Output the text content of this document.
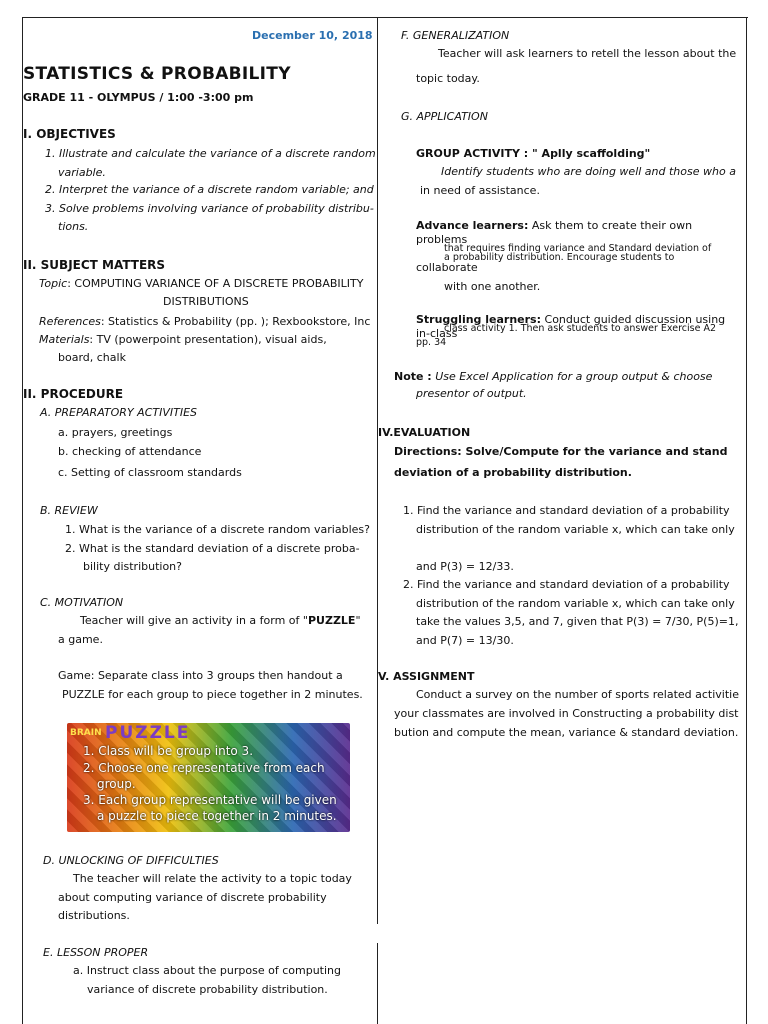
December 10, 2018
STATISTICS & PROBABILITY
GRADE 11 - OLYMPUS / 1:00 -3:00 pm
I. OBJECTIVES
1. Illustrate and calculate the variance of a discrete random
variable.
2. Interpret the variance of a discrete random variable; and
3. Solve problems involving variance of probability distribu-
tions.
II. SUBJECT MATTERS
Topic: COMPUTING VARIANCE OF A DISCRETE PROBABILITY
DISTRIBUTIONS
References: Statistics & Probability (pp. ); Rexbookstore, Inc
Materials: TV (powerpoint presentation), visual aids,
board, chalk
II. PROCEDURE
A. PREPARATORY ACTIVITIES
a. prayers, greetings
b. checking of attendance
c. Setting of classroom standards
B. REVIEW
1. What is the variance of a discrete random variables?
2. What is the standard deviation of a discrete proba-
bility distribution?
C. MOTIVATION
Teacher will give an activity in a form of "PUZZLE"
a game.
Game: Separate class into 3 groups then handout a
PUZZLE for each group to piece together in 2 minutes.
BRAIN PUZZLE
1. Class will be group into 3.
2. Choose one representative from each
group.
3. Each group representative will be given
a puzzle to piece together in 2 minutes.
D. UNLOCKING OF DIFFICULTIES
The teacher will relate the activity to a topic today
about computing variance of discrete probability
distributions.
E. LESSON PROPER
a. Instruct class about the purpose of computing
variance of discrete probability distribution.
F. GENERALIZATION
Teacher will ask learners to retell the lesson about the
topic today.
G. APPLICATION
GROUP ACTIVITY : " Aplly scaffolding"
Identify students who are doing well and those who a
in need of assistance.
Advance learners: Ask them to create their own
problems
that requires finding variance and Standard deviation of
a probability distribution. Encourage students to
collaborate
with one another.
Struggling learners: Conduct guided discussion using
in-class
class activity 1. Then ask students to answer Exercise A2
pp. 34
Note : Use Excel Application for a group output & choose
presentor of output.
IV.EVALUATION
Directions: Solve/Compute for the variance and stand
deviation of a probability distribution.
1. Find the variance and standard deviation of a probability
distribution of the random variable x, which can take only
and P(3) = 12/33.
2. Find the variance and standard deviation of a probability
distribution of the random variable x, which can take only
take the values 3,5, and 7, given that P(3) = 7/30, P(5)=1,
and P(7) = 13/30.
V. ASSIGNMENT
Conduct a survey on the number of sports related activitie
your classmates are involved in Constructing a probability dist
bution and compute the mean, variance & standard deviation.
